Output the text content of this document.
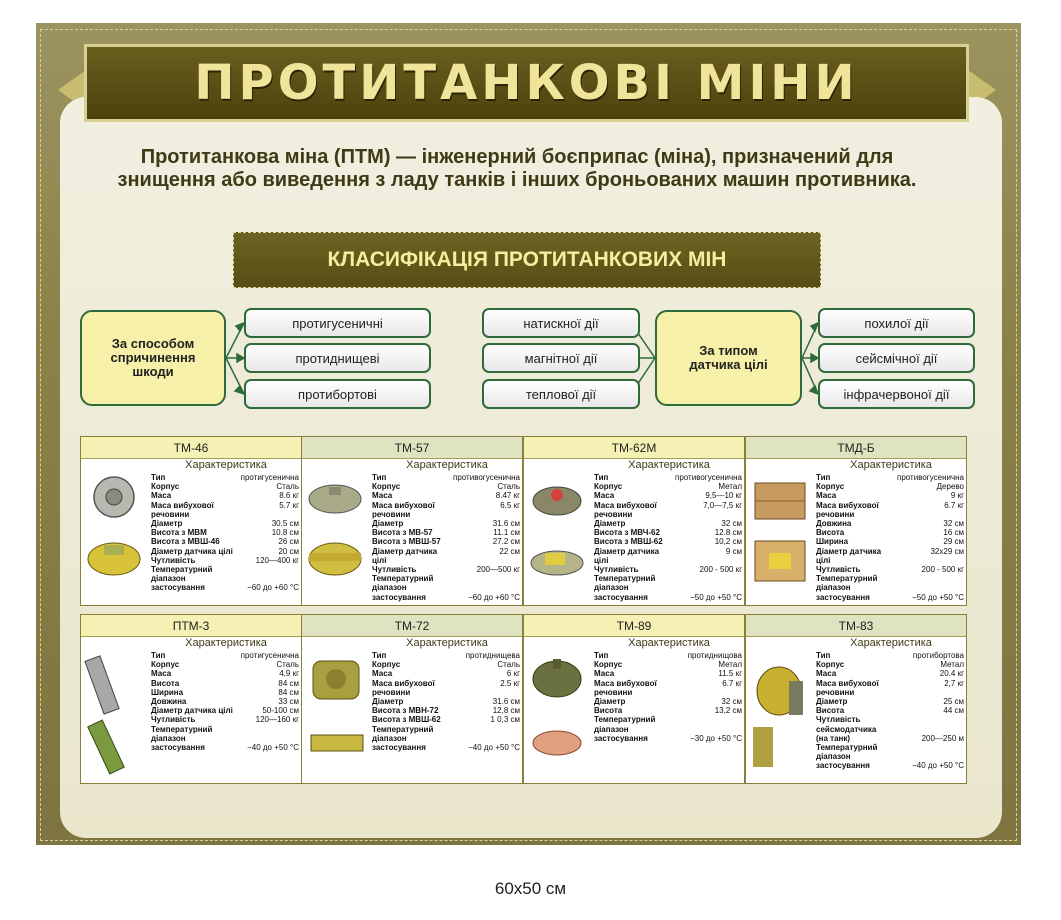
ПРОТИТАНКОВІ МІНИ
Протитанкова міна (ПТМ) — інженерний боєприпас (міна), призначений для знищення або виведення з ладу танків і інших броньованих машин противника.
КЛАСИФІКАЦІЯ ПРОТИТАНКОВИХ МІН
За способом спричинення шкоди
протигусеничні
протиднищеві
протибортові
натискної дії
магнітної дії
теплової дії
За типом датчика цілі
похилої дії
сейсмічної дії
інфрачервоної дії
ТМ-46
Характеристика
Тип	протигусенична
Корпус	Сталь
Маса	8.6 кг
Маса вибухової речовини	5.7 кг
Діаметр	30.5 см
Висота з МВМ	10.8 см
Висота з МВШ-46	26 см
Діаметр датчика цілі	20 см
Чутливість	120—400 кг
Температурний	
діапазон	
застосування	−60 до +60 °С
ТМ-57
Характеристика
Тип	противогусенична
Корпус	Сталь
Маса	8.47 кг
Маса вибухової речовини	6.5 кг
Діаметр	31.6 см
Висота з МВ-57	11.1 см
Висота з МВШ-57	27.2 см
Діаметр датчика цілі	22 см
Чутливість	200—500 кг
Температурний	
діапазон	
застосування	−60 до +60 °С
ТМ-62М
Характеристика
Тип	противогусенична
Корпус	Метал
Маса	9,5—10 кг
Маса вибухової речовини	7,0—7,5 кг
Діаметр	32 см
Висота з МВЧ-62	12.8 см
Висота з МВШ-62	10,2 см
Діаметр датчика цілі	9 см
Чутливість	200 - 500 кг
Температурний	
діапазон	
застосування	−50 до +50 °С
ТМД-Б
Характеристика
Тип	противогусенична
Корпус	Дерево
Маса	9 кг
Маса вибухової речовини	6.7 кг
Довжина	32 см
Висота	16 см
Ширина	29 см
Діаметр датчика цілі	32x29 см
Чутливість	200 - 500 кг
Температурний	
діапазон	
застосування	−50 до +50 °С
ПТМ-3
Характеристика
Тип	протигусенична
Корпус	Сталь
Маса	4,9 кг
Висота	84 см
Ширина	84 см
Довжина	33 см
Діаметр датчика цілі	50-100 см
Чутливість	120—160 кг
Температурний	
діапазон	
застосування	−40 до +50 °С
ТМ-72
Характеристика
Тип	протиднищева
Корпус	Сталь
Маса	6 кг
Маса вибухової речовини	2.5 кг
Діаметр	31.6 см
Висота з МВН-72	12,8 см
Висота з МВШ-62	1 0,3 см
Температурний	
діапазон	
застосування	−40 до +50 °С
ТМ-89
Характеристика
Тип	протиднищова
Корпус	Метал
Маса	11.5 кг
Маса вибухової речовини	6.7 кг
Діаметр	32 см
Висота	13,2 см
Температурний	
діапазон	
застосування	−30 до +50 °С
ТМ-83
Характеристика
Тип	протибортова
Корпус	Метал
Маса	20.4 кг
Маса вибухової речовини	2,7 кг
Діаметр	25 см
Висота	44 см
Чутливість сейсмодатчика	
(на танк)	200—250 м
Температурний	
діапазон	
застосування	−40 до +50 °С
60x50 см
